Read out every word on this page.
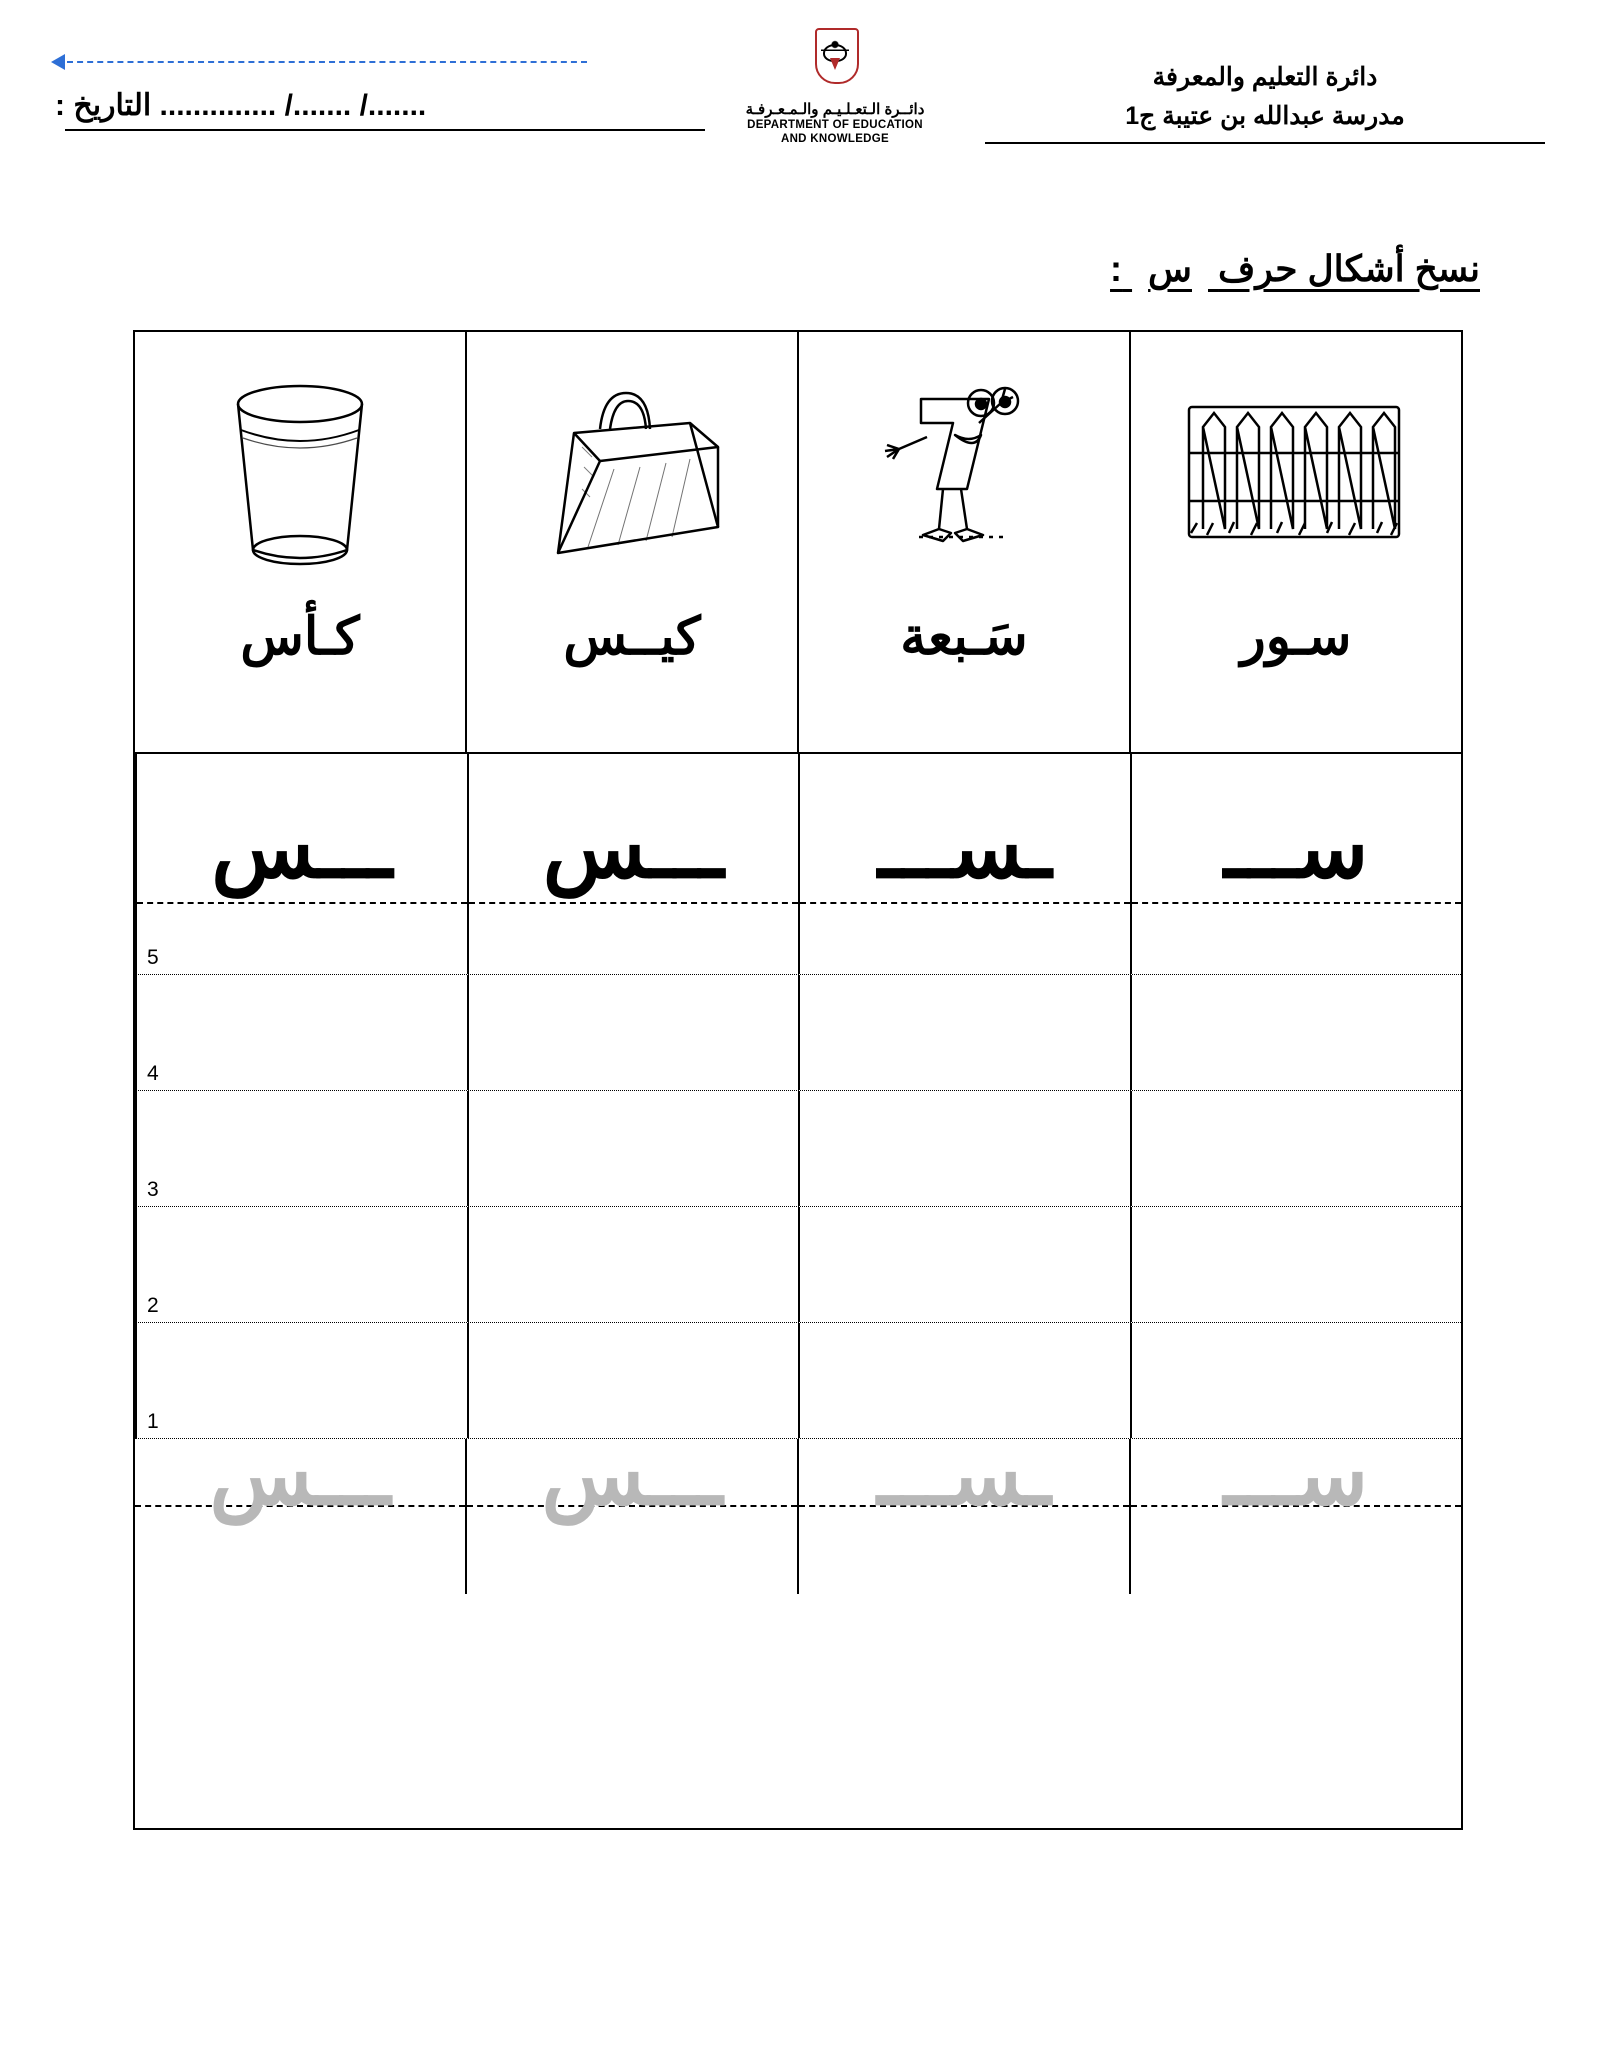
دائرة التعليم والمعرفة
مدرسة عبدالله بن عتيبة ج1
دائــرة الـتعـلـيـم والـمـعـرفـة
DEPARTMENT OF EDUCATION
AND KNOWLEDGE
......./ ......./ .............. التاريخ :
نسخ أشكال حرف س :
سـور
سَـبعة
كيــس
كـأس
ســـ
ـســـ
ـــس
ـــس
5
4
3
2
1
ســـ
ـســـ
ـــس
ـــس
